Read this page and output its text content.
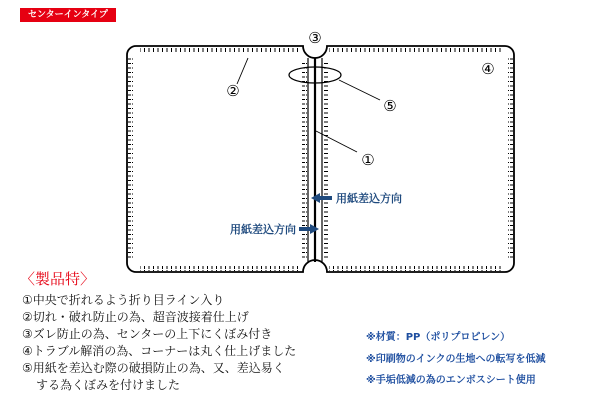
センターインタイプ
③
④
②
⑤
①
用紙差込方向
用紙差込方向
〈製品特〉
①中央で折れるよう折り目ライン入り
②切れ・破れ防止の為、超音波接着仕上げ
③ズレ防止の為、センターの上下にくぼみ付き
④トラブル解消の為、コーナーは丸く仕上げました
⑤用紙を差込む際の破損防止の為、又、差込易く
する為くぼみを付けました
※材質：PP（ポリプロピレン）
※印刷物のインクの生地への転写を低減
※手垢低減の為のエンボスシート使用
